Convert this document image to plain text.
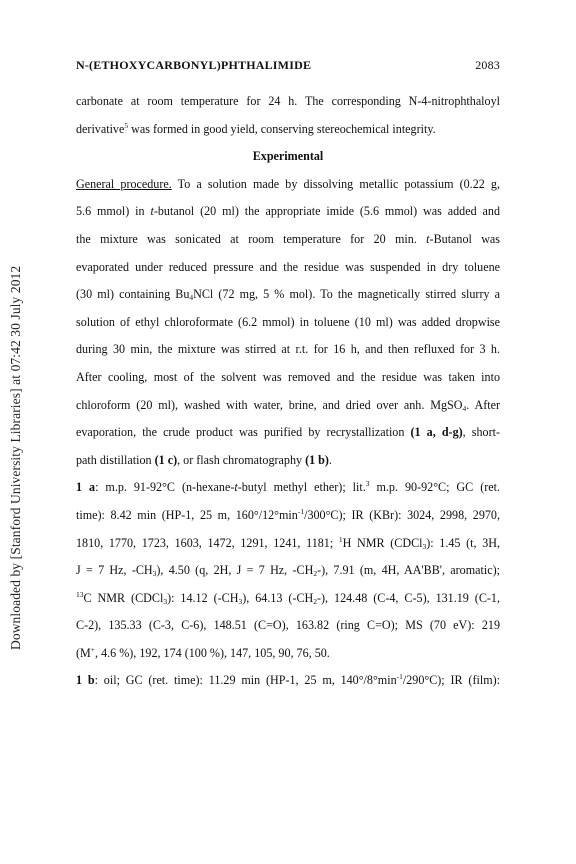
Downloaded by [Stanford University Libraries] at 07:42 30 July 2012
N-(ETHOXYCARBONYL)PHTHALIMIDE	2083
carbonate at room temperature for 24 h. The corresponding N-4-nitrophthaloyl
derivative$^5$ was formed in good yield, conserving stereochemical integrity.
Experimental
General procedure. To a solution made by dissolving metallic potassium (0.22 g,
5.6 mmol) in t-butanol (20 ml) the appropriate imide (5.6 mmol) was added and
the mixture was sonicated at room temperature for 20 min. t-Butanol was
evaporated under reduced pressure and the residue was suspended in dry toluene
(30 ml) containing $Bu_4NCl$ (72 mg, 5 % mol). To the magnetically stirred slurry a
solution of ethyl chloroformate (6.2 mmol) in toluene (10 ml) was added dropwise
during 30 min, the mixture was stirred at r.t. for 16 h, and then refluxed for 3 h.
After cooling, most of the solvent was removed and the residue was taken into
chloroform (20 ml), washed with water, brine, and dried over anh. MgSO$_4$. After
evaporation, the crude product was purified by recrystallization (1 a, d-g), short-
path distillation (1 c), or flash chromatography (1 b).
1 a: m.p. 91-92°C (n-hexane-t-butyl methyl ether); lit.$^3$ m.p. 90-92°C; GC (ret.
time): 8.42 min (HP-1, 25 m, $160^\circ/12^\circ\min^{-1}/300^\circ C$); IR (KBr): 3024, 2998, 2970,
1810, 1770, 1723, 1603, 1472, 1291, 1241, 1181; $^1$H NMR (CDCl$_3$): 1.45 (t, 3H,
J = 7 Hz, $-CH_3$), 4.50 (q, 2H, J = 7 Hz, $-CH_2-$), 7.91 (m, 4H, AA'BB', aromatic);
$^{13}$C NMR (CDCl$_3$): 14.12 $(-CH_3)$, 64.13 $(-CH_2-)$, 124.48 (C-4, C-5), 131.19 (C-1,
C-2), 135.33 (C-3, C-6), 148.51 (C=O), 163.82 (ring C=O); MS (70 eV): 219
(M+, 4.6 %), 192, 174 (100 %), 147, 105, 90, 76, 50.
1 b: oil; GC (ret. time): 11.29 min (HP-1, 25 m, $140^\circ/8^\circ\min^{-1}/290^\circ C$); IR (film):
